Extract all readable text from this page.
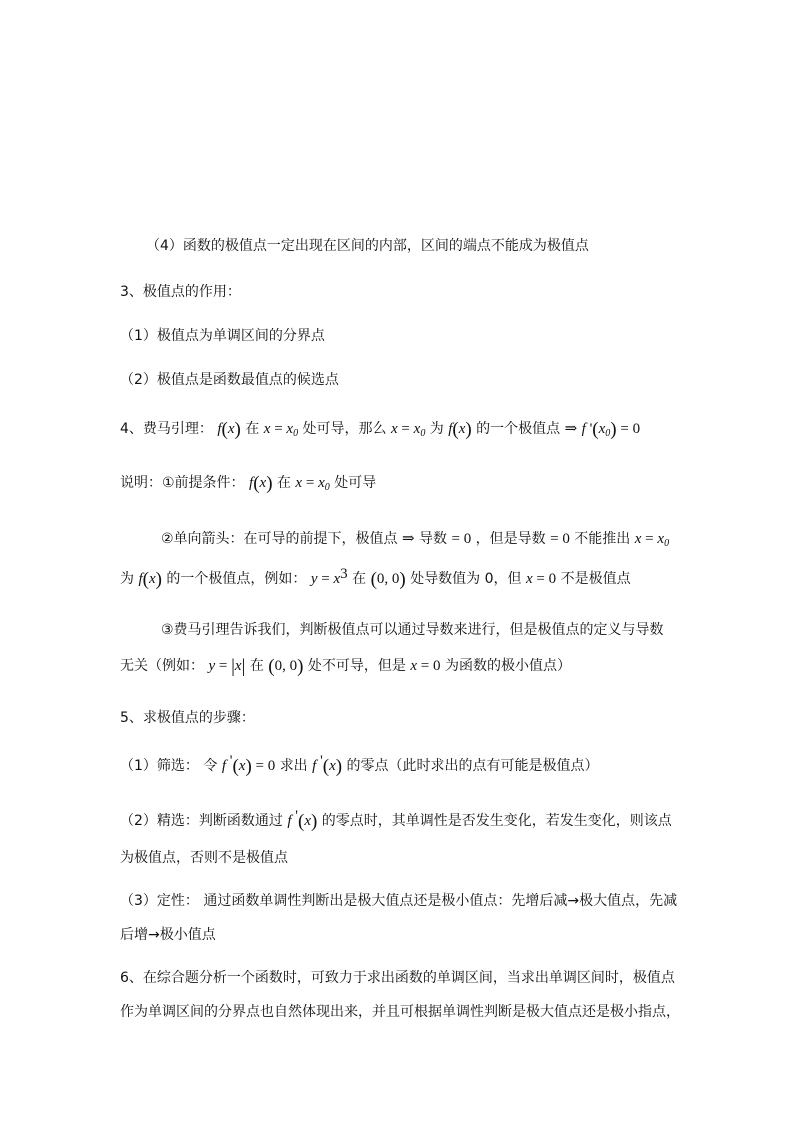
（4）函数的极值点一定出现在区间的内部，区间的端点不能成为极值点
3、极值点的作用：
（1）极值点为单调区间的分界点
（2）极值点是函数最值点的候选点
4、费马引理： f(x) 在 $x = x_0$ 处可导，那么 $x = x_0$ 为 f(x) 的一个极值点 ⇒ f '$(x_0) = 0$
说明：①前提条件： f(x) 在 $x = x_0$ 处可导
②单向箭头：在可导的前提下，极值点 ⇒ 导数 = 0 ，但是导数 = 0 不能推出 $x = x_0$
为 f(x) 的一个极值点，例如： $y = x^3$ 在 (0, 0) 处导数值为 0，但 x = 0 不是极值点
③费马引理告诉我们，判断极值点可以通过导数来进行，但是极值点的定义与导数
无关（例如： y = |x| 在 (0, 0) 处不可导，但是 x = 0 为函数的极小值点）
5、求极值点的步骤：
（1）筛选： 令 f '(x) = 0 求出 f '(x) 的零点（此时求出的点有可能是极值点）
（2）精选：判断函数通过 f '(x) 的零点时，其单调性是否发生变化，若发生变化，则该点
为极值点，否则不是极值点
（3）定性： 通过函数单调性判断出是极大值点还是极小值点：先增后减→极大值点，先减
后增→极小值点
6、在综合题分析一个函数时，可致力于求出函数的单调区间，当求出单调区间时，极值点
作为单调区间的分界点也自然体现出来，并且可根据单调性判断是极大值点还是极小指点，
